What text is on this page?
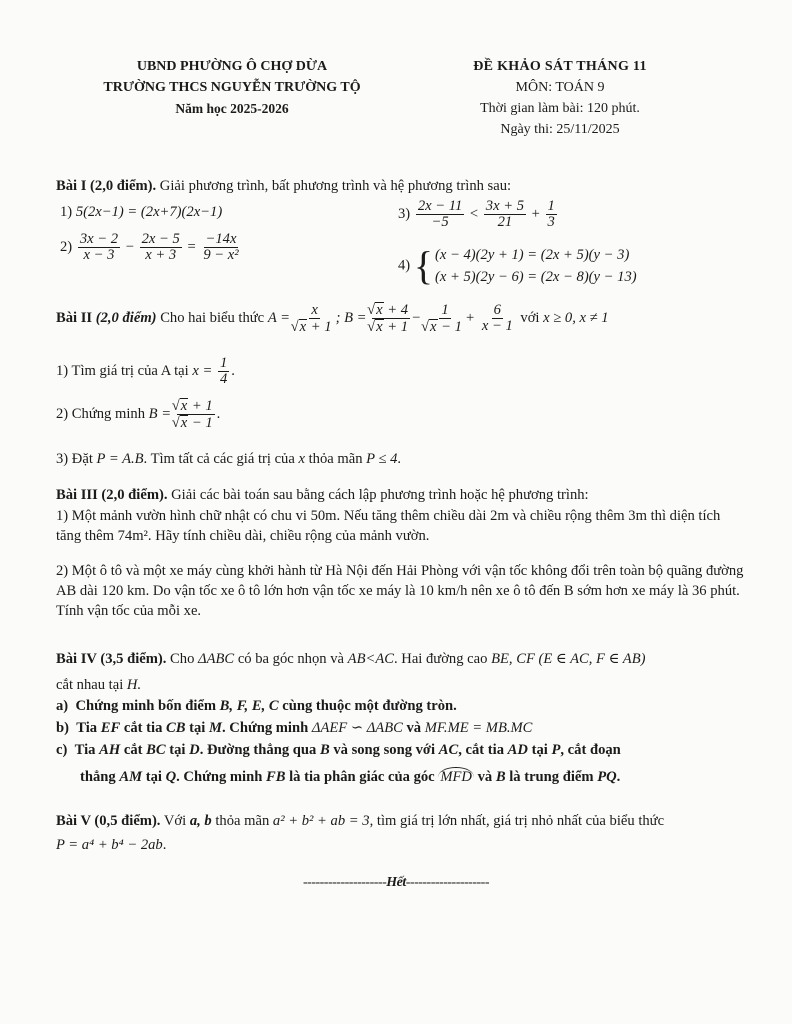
UBND PHƯỜNG Ô CHỢ DỪA
TRƯỜNG THCS NGUYỄN TRƯỜNG TỘ
Năm học 2025-2026
ĐỀ KHẢO SÁT THÁNG 11
MÔN: TOÁN 9
Thời gian làm bài: 120 phút.
Ngày thi: 25/11/2025
Bài I (2,0 điểm). Giải phương trình, bất phương trình và hệ phương trình sau:
1) 5(2x−1) = (2x+7)(2x−1)
$2) \frac{3x - 2}{x - 3} - \frac{2x - 5}{x + 3} = \frac{-14x}{\text{9 − x²}}$
$3) \frac{2x - 11}{-5} < \frac{3x + 5}{21} + \frac{1}{3}$
4) { (x − 4)(2y + 1) = (2x + 5)(y − 3)
(x + 5)(2y − 6) = (2x − 8)(y − 13)
Bài II (2,0 điểm) Cho hai biểu thức A = x
√ x + 1 ; B = √ x + 4
√ x + 1 − 1
√ $x - 1 + \frac{6}{x - 1}$ với x ≥ 0, x ≠ 1
1) Tìm giá trị của A tại $x = \frac{1}{4}$ .
2) Chứng minh B = √ x + 1
√ x − 1 .
3) Đặt P = A.B. Tìm tất cả các giá trị của x thỏa mãn P ≤ 4.
Bài III (2,0 điểm). Giải các bài toán sau bằng cách lập phương trình hoặc hệ phương trình:
1) Một mảnh vườn hình chữ nhật có chu vi 50m. Nếu tăng thêm chiều dài 2m và chiều rộng thêm 3m thì diện tích tăng thêm 74m². Hãy tính chiều dài, chiều rộng của mảnh vườn.
2) Một ô tô và một xe máy cùng khởi hành từ Hà Nội đến Hải Phòng với vận tốc không đổi trên toàn bộ quãng đường AB dài 120 km. Do vận tốc xe ô tô lớn hơn vận tốc xe máy là 10 km/h nên xe ô tô đến B sớm hơn xe máy là 36 phút. Tính vận tốc của mỗi xe.
Bài IV (3,5 điểm). Cho ΔABC có ba góc nhọn và AB<AC. Hai đường cao BE, CF (E ∈ AC, F ∈ AB)
cắt nhau tại H.
a) Chứng minh bốn điểm B, F, E, C cùng thuộc một đường tròn.
b) Tia EF cắt tia CB tại M. Chứng minh ΔAEF ∽ ΔABC và MF.ME = MB.MC
c) Tia AH cắt BC tại D. Đường thẳng qua B và song song với AC, cắt tia AD tại P, cắt đoạn
thẳng AM tại Q. Chứng minh FB là tia phân giác của góc MFD và B là trung điểm PQ.
Bài V (0,5 điểm). Với a, b thỏa mãn a² + b² + ab = 3, tìm giá trị lớn nhất, giá trị nhỏ nhất của biểu thức
P = a⁴ + b⁴ − 2ab.
--------------------Hết--------------------
